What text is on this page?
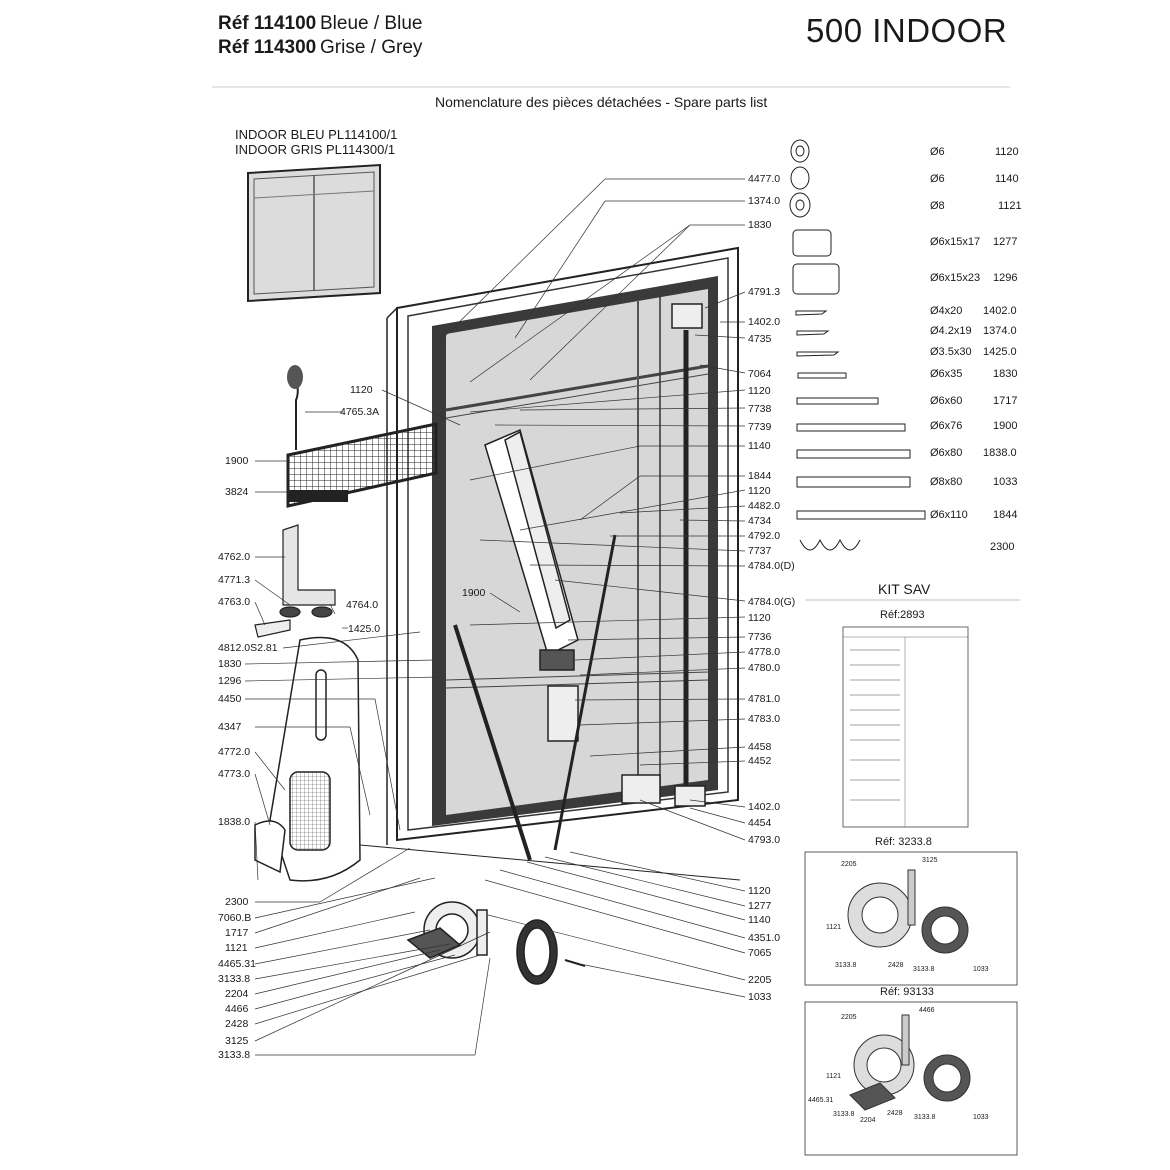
Réf 114100 Bleue / Blue
Réf 114300 Grise / Grey	500 INDOOR
Nomenclature des pièces détachées - Spare parts list
INDOOR BLEU PL114100/1
INDOOR GRIS PL114300/1
4477.0
1374.0
1830
4791.3
1402.0
4735
7064
1120
7738
7739
1140
1844
1120
4482.0
4734
4792.0
7737
4784.0(D)
4784.0(G)
1120
7736
4778.0
4780.0
4781.0
4783.0
4458
4452
1402.0
4454
4793.0
1120
1277
1140
4351.0
7065
2205
1033
1120
4765.3A
1900
3824
4762.0
4771.3
4763.0	4764.0
1425.0
4812.0S2.81
1830
1296
4450
4347
4772.0
4773.0
1838.0
2300
7060.B
1717
1121
4465.31
3133.8
2204
4466
2428
3125
3133.8
1900
Ø6	1120
Ø6	1140
Ø8	1121
Ø6x15x17 1277
Ø6x15x23 1296
Ø4x20 1402.0
Ø4.2x19 1374.0
Ø3.5x30 1425.0
Ø6x35	1830
Ø6x60	1717
Ø6x76	1900
Ø6x80 1838.0
Ø8x80	1033
Ø6x110 1844
2300
KIT SAV
Réf:2893
Réf: 3233.8
Réf: 93133
2205
3125
1121
3133.8	2428
3133.8	1033
2205
4466
1121
4465.31
3133.8
2204
2428
3133.8	1033
